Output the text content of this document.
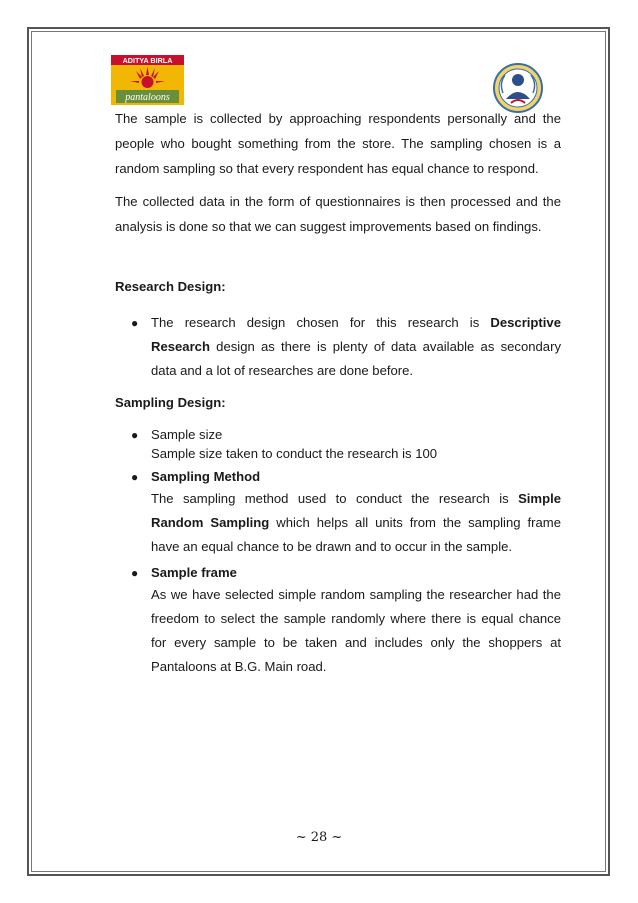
ADITYA BIRLA
pantaloons

The sample is collected by approaching respondents personally and the people who bought something from the store. The sampling chosen is a random sampling so that every respondent has equal chance to respond.

The collected data in the form of questionnaires is then processed and the analysis is done so that we can suggest improvements based on findings.

Research Design:

● The research design chosen for this research is Descriptive Research design as there is plenty of data available as secondary data and a lot of researches are done before.

Sampling Design:

● Sample size
Sample size taken to conduct the research is 100
● Sampling Method
The sampling method used to conduct the research is Simple Random Sampling which helps all units from the sampling frame have an equal chance to be drawn and to occur in the sample.
● Sample frame
As we have selected simple random sampling the researcher had the freedom to select the sample randomly where there is equal chance for every sample to be taken and includes only the shoppers at Pantaloons at B.G. Main road.
~ 28 ~
